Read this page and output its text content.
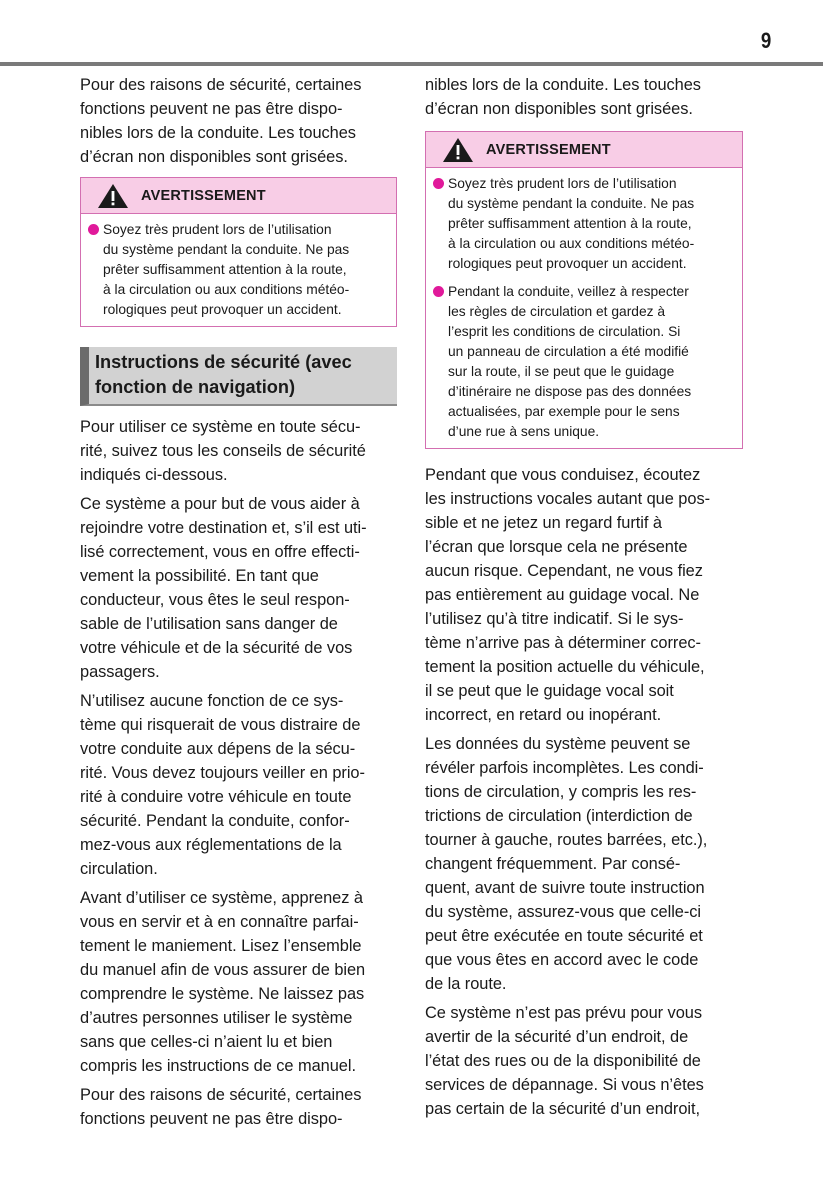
9

Pour des raisons de sécurité, certaines
fonctions peuvent ne pas être dispo-
nibles lors de la conduite. Les touches
d’écran non disponibles sont grisées.

AVERTISSEMENT
Soyez très prudent lors de l’utilisation
du système pendant la conduite. Ne pas
prêter suffisamment attention à la route,
à la circulation ou aux conditions météo-
rologiques peut provoquer un accident.
Instructions de sécurité (avec
fonction de navigation)

Pour utiliser ce système en toute sécu-
rité, suivez tous les conseils de sécurité
indiqués ci-dessous.

Ce système a pour but de vous aider à
rejoindre votre destination et, s’il est uti-
lisé correctement, vous en offre effecti-
vement la possibilité. En tant que
conducteur, vous êtes le seul respon-
sable de l’utilisation sans danger de
votre véhicule et de la sécurité de vos
passagers.

N’utilisez aucune fonction de ce sys-
tème qui risquerait de vous distraire de
votre conduite aux dépens de la sécu-
rité. Vous devez toujours veiller en prio-
rité à conduire votre véhicule en toute
sécurité. Pendant la conduite, confor-
mez-vous aux réglementations de la
circulation.

Avant d’utiliser ce système, apprenez à
vous en servir et à en connaître parfai-
tement le maniement. Lisez l’ensemble
du manuel afin de vous assurer de bien
comprendre le système. Ne laissez pas
d’autres personnes utiliser le système
sans que celles-ci n’aient lu et bien
compris les instructions de ce manuel.

Pour des raisons de sécurité, certaines
fonctions peuvent ne pas être dispo-

nibles lors de la conduite. Les touches
d’écran non disponibles sont grisées.

AVERTISSEMENT
Soyez très prudent lors de l’utilisation
du système pendant la conduite. Ne pas
prêter suffisamment attention à la route,
à la circulation ou aux conditions météo-
rologiques peut provoquer un accident.
Pendant la conduite, veillez à respecter
les règles de circulation et gardez à
l’esprit les conditions de circulation. Si
un panneau de circulation a été modifié
sur la route, il se peut que le guidage
d’itinéraire ne dispose pas des données
actualisées, par exemple pour le sens
d’une rue à sens unique.

Pendant que vous conduisez, écoutez
les instructions vocales autant que pos-
sible et ne jetez un regard furtif à
l’écran que lorsque cela ne présente
aucun risque. Cependant, ne vous fiez
pas entièrement au guidage vocal. Ne
l’utilisez qu’à titre indicatif. Si le sys-
tème n’arrive pas à déterminer correc-
tement la position actuelle du véhicule,
il se peut que le guidage vocal soit
incorrect, en retard ou inopérant.

Les données du système peuvent se
révéler parfois incomplètes. Les condi-
tions de circulation, y compris les res-
trictions de circulation (interdiction de
tourner à gauche, routes barrées, etc.),
changent fréquemment. Par consé-
quent, avant de suivre toute instruction
du système, assurez-vous que celle-ci
peut être exécutée en toute sécurité et
que vous êtes en accord avec le code
de la route.

Ce système n’est pas prévu pour vous
avertir de la sécurité d’un endroit, de
l’état des rues ou de la disponibilité de
services de dépannage. Si vous n’êtes
pas certain de la sécurité d’un endroit,
